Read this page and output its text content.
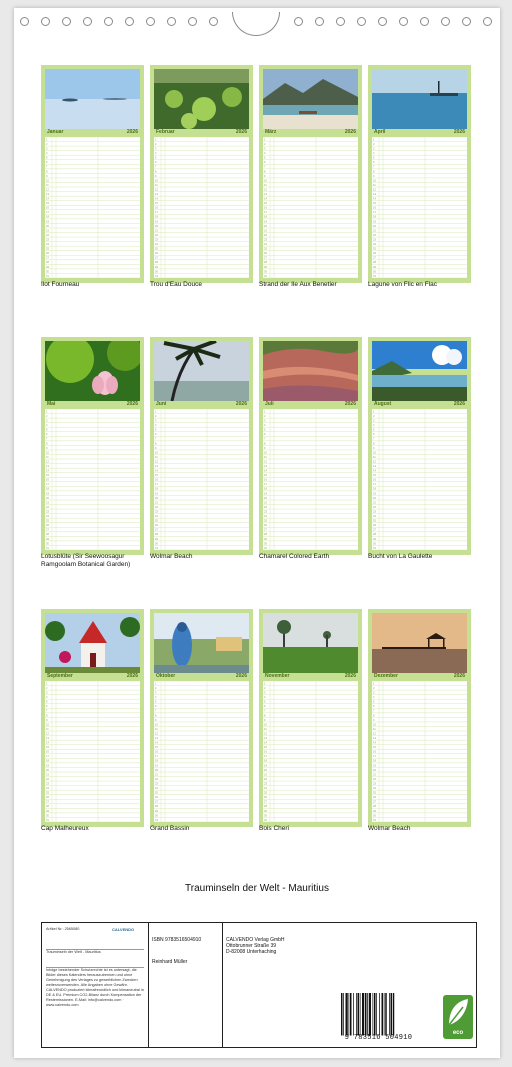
Januar	2026
1
2
3
4
5
6
7
8
9
10
11
12
13
14
15
16
17
18
19
20
21
22
23
24
25
26
27
28
29
30
31
Ilot Fourneau
Februar	2026
1
2
3
4
5
6
7
8
9
10
11
12
13
14
15
16
17
18
19
20
21
22
23
24
25
26
27
28
29
30
31
Trou d'Eau Douce
März	2026
1
2
3
4
5
6
7
8
9
10
11
12
13
14
15
16
17
18
19
20
21
22
23
24
25
26
27
28
29
30
31
Strand der Ile Aux Benetier
April	2026
1
2
3
4
5
6
7
8
9
10
11
12
13
14
15
16
17
18
19
20
21
22
23
24
25
26
27
28
29
30
31
Lagune von Flic en Flac
Mai	2026
1
2
3
4
5
6
7
8
9
10
11
12
13
14
15
16
17
18
19
20
21
22
23
24
25
26
27
28
29
30
31
Lotusblüte (Sir Seewoosagur Ramgoolam Botanical Garden)
Juni	2026
1
2
3
4
5
6
7
8
9
10
11
12
13
14
15
16
17
18
19
20
21
22
23
24
25
26
27
28
29
30
31
Wolmar Beach
Juli	2026
1
2
3
4
5
6
7
8
9
10
11
12
13
14
15
16
17
18
19
20
21
22
23
24
25
26
27
28
29
30
31
Chamarel Colored Earth
August	2026
1
2
3
4
5
6
7
8
9
10
11
12
13
14
15
16
17
18
19
20
21
22
23
24
25
26
27
28
29
30
31
Bucht von La Gaulette
September	2026
1
2
3
4
5
6
7
8
9
10
11
12
13
14
15
16
17
18
19
20
21
22
23
24
25
26
27
28
29
30
31
Cap Malheureux
Oktober	2026
1
2
3
4
5
6
7
8
9
10
11
12
13
14
15
16
17
18
19
20
21
22
23
24
25
26
27
28
29
30
31
Grand Bassin
November	2026
1
2
3
4
5
6
7
8
9
10
11
12
13
14
15
16
17
18
19
20
21
22
23
24
25
26
27
28
29
30
31
Bois Cheri
Dezember	2026
1
2
3
4
5
6
7
8
9
10
11
12
13
14
15
16
17
18
19
20
21
22
23
24
25
26
27
28
29
30
31
Wolmar Beach
Trauminseln der Welt - Mauritius
Artikel Nr.: 2565080	CALVENDO
Trauminseln der Welt - Mauritius
Infolge bestehender Schutzrechte ist es untersagt, die Bilder dieses Kalenders herauszutrennen und ohne Genehmigung des Verlages zu gewerblichen Zwecken weiterzuverwenden. Alle Angaben ohne Gewähr. CALVENDO produziert klimafreundlich und klimaneutral in DE & EU. Premium CO2-Bilanz durch Kompensation der Restemissionen. E-Mail: info@calvendo.com · www.calvendo.com
ISBN 9783516504910
Reinhard Müller
CALVENDO Verlag GmbH
Ottobrunner Straße 39
D-82008 Unterhaching
9 783516 504910
eco
